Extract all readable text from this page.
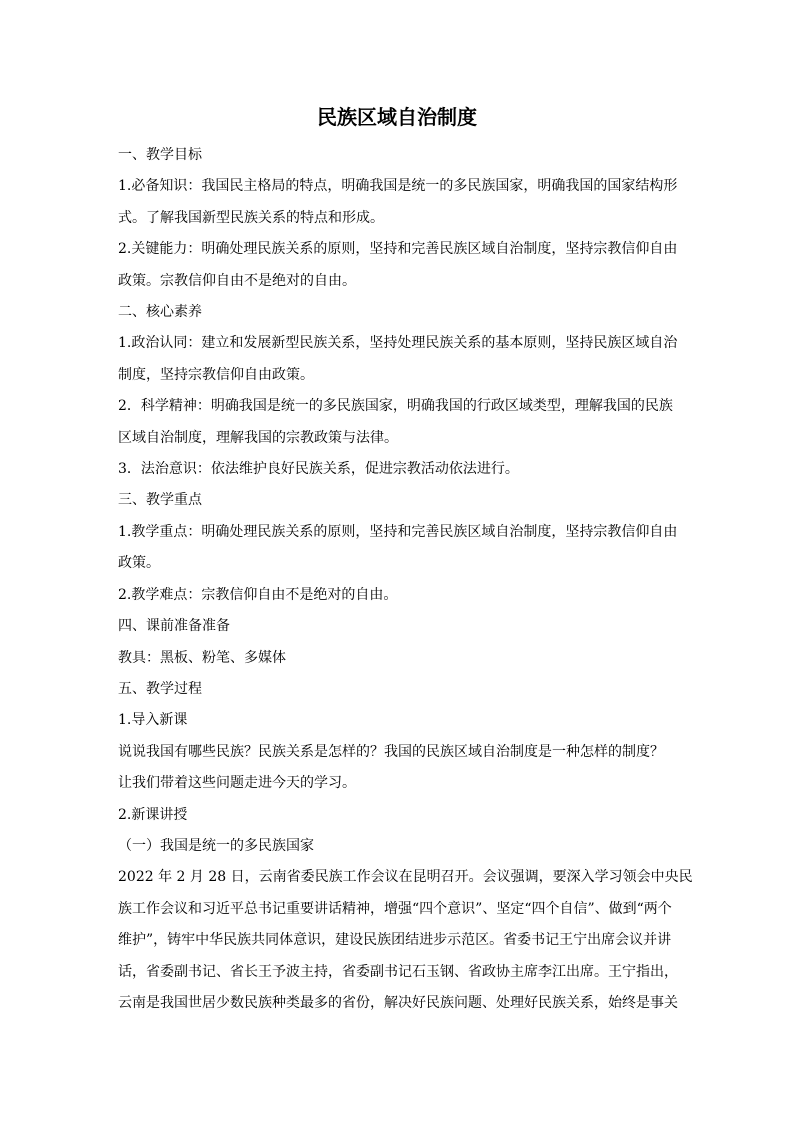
民族区域自治制度

一、教学目标

1.必备知识：我国民主格局的特点，明确我国是统一的多民族国家，明确我国的国家结构形

式。了解我国新型民族关系的特点和形成。

2.关键能力：明确处理民族关系的原则，坚持和完善民族区域自治制度，坚持宗教信仰自由

政策。宗教信仰自由不是绝对的自由。

二、核心素养

1.政治认同：建立和发展新型民族关系，坚持处理民族关系的基本原则，坚持民族区域自治

制度，坚持宗教信仰自由政策。

2．科学精神：明确我国是统一的多民族国家，明确我国的行政区域类型，理解我国的民族

区域自治制度，理解我国的宗教政策与法律。

3．法治意识：依法维护良好民族关系，促进宗教活动依法进行。

三、教学重点

1.教学重点：明确处理民族关系的原则，坚持和完善民族区域自治制度，坚持宗教信仰自由

政策。

2.教学难点：宗教信仰自由不是绝对的自由。

四、课前准备准备

教具：黑板、粉笔、多媒体

五、教学过程

1.导入新课

说说我国有哪些民族？民族关系是怎样的？我国的民族区域自治制度是一种怎样的制度？

让我们带着这些问题走进今天的学习。

2.新课讲授

（一）我国是统一的多民族国家

2022 年 2 月 28 日，云南省委民族工作会议在昆明召开。会议强调，要深入学习领会中央民

族工作会议和习近平总书记重要讲话精神，增强“四个意识”、坚定“四个自信”、做到“两个

维护”，铸牢中华民族共同体意识，建设民族团结进步示范区。省委书记王宁出席会议并讲

话，省委副书记、省长王予波主持，省委副书记石玉钢、省政协主席李江出席。王宁指出，

云南是我国世居少数民族种类最多的省份，解决好民族问题、处理好民族关系，始终是事关
